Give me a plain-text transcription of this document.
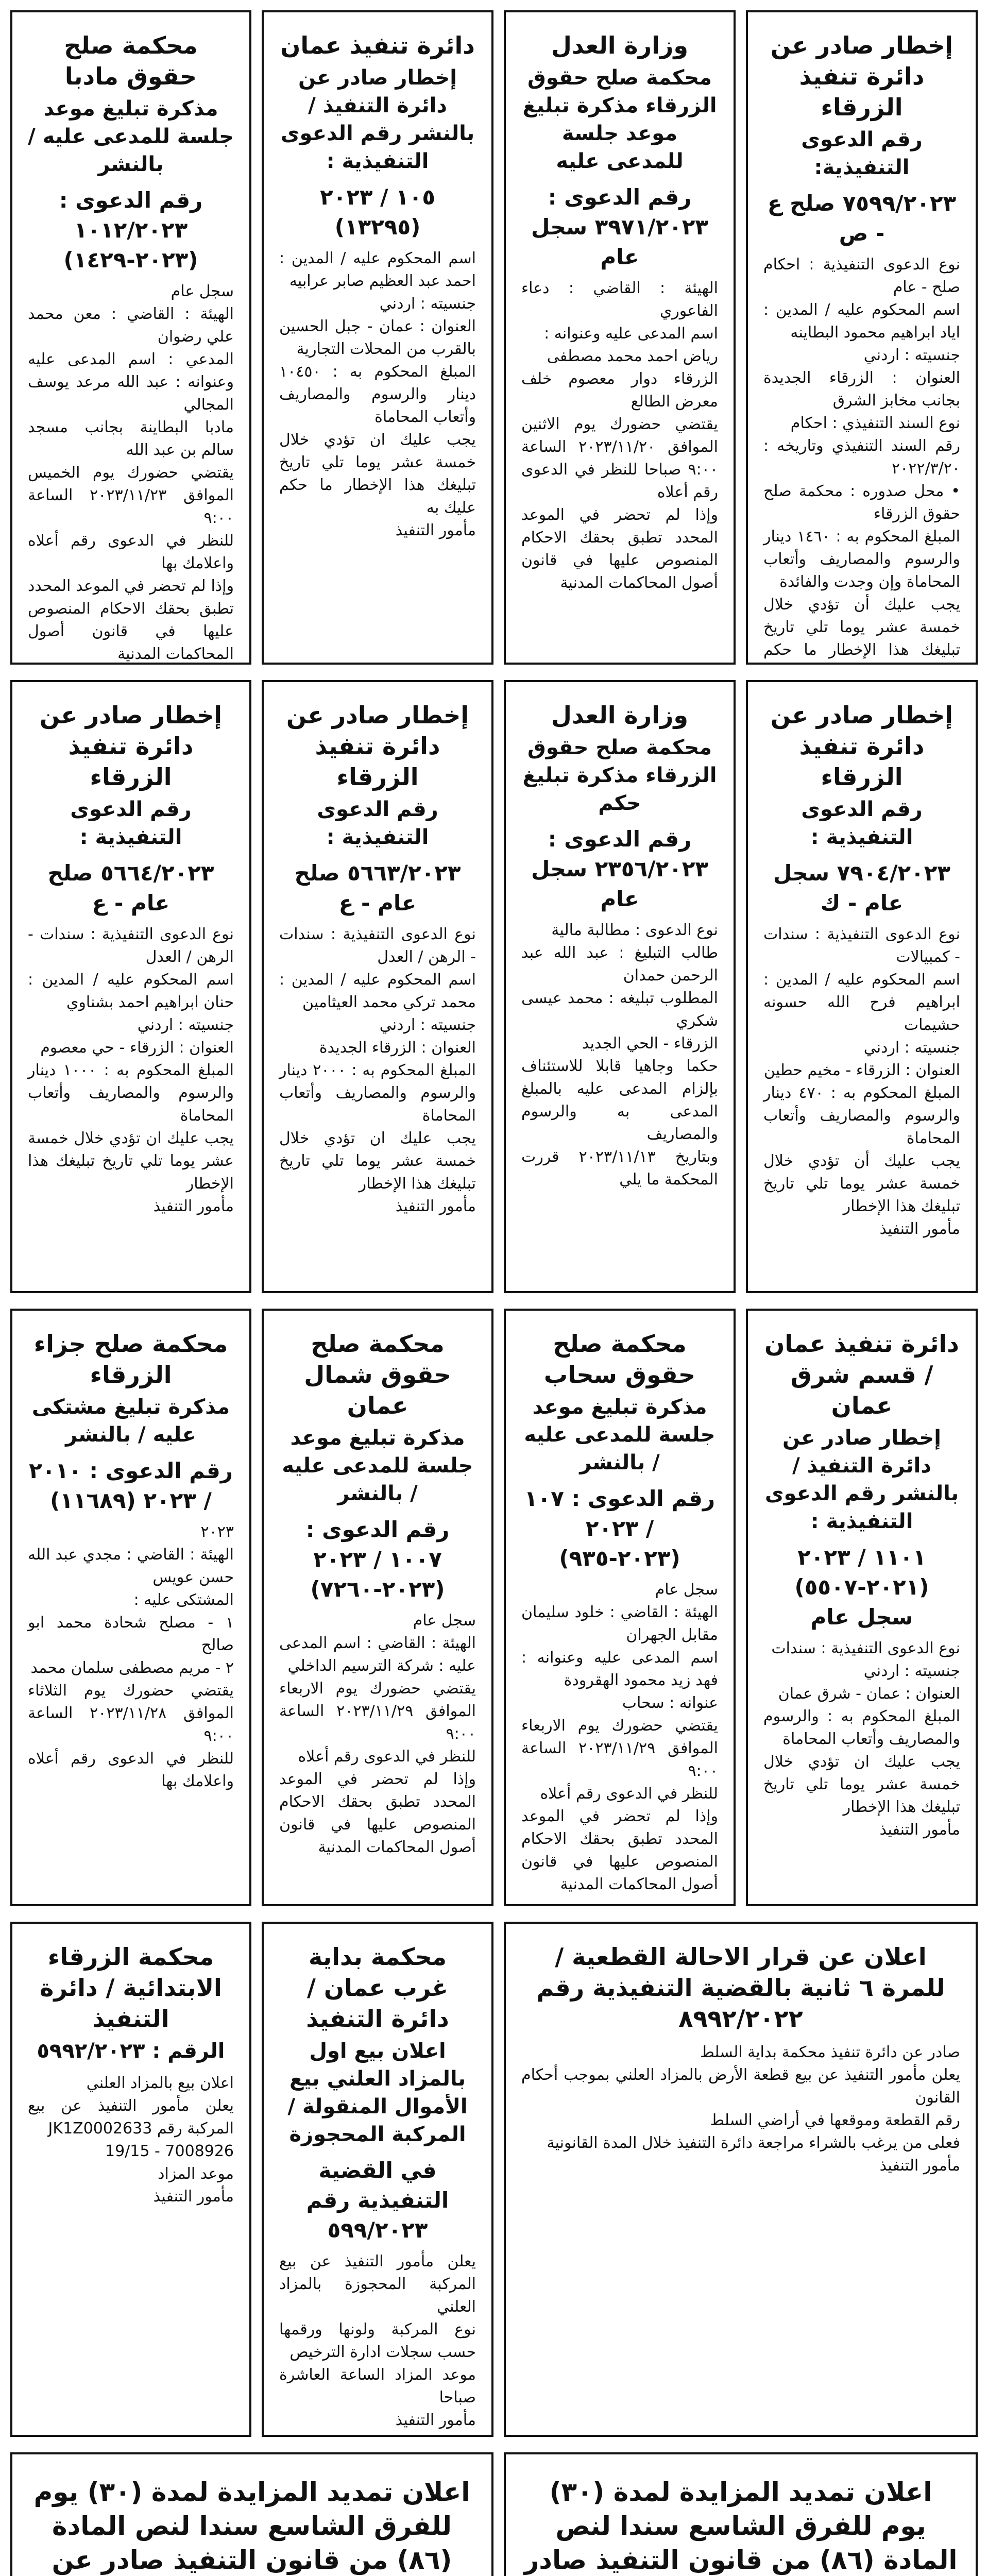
إخطار صادر عن دائرة تنفيذ الزرقاء
رقم الدعوى التنفيذية:
٧٥٩٩/٢٠٢٣ صلح ع - ص
نوع الدعوى التنفيذية : احكام صلح - عام
اسم المحكوم عليه / المدين : اياد ابراهيم محمود البطاينه
جنسيته : اردني
العنوان : الزرقاء الجديدة بجانب مخابز الشرق
نوع السند التنفيذي : احكام
رقم السند التنفيذي وتاريخه : ٢٠٢٢/٣/٢٠
• محل صدوره : محكمة صلح حقوق الزرقاء
المبلغ المحكوم به : ١٤٦٠ دينار والرسوم والمصاريف وأتعاب المحاماة وإن وجدت والفائدة
يجب عليك أن تؤدي خلال خمسة عشر يوما تلي تاريخ تبليغك هذا الإخطار ما حكم

وزارة العدل
محكمة صلح حقوق الزرقاء مذكرة تبليغ موعد جلسة للمدعى عليه
رقم الدعوى : ٣٩٧١/٢٠٢٣ سجل عام
الهيئة : القاضي : دعاء الفاعوري
اسم المدعى عليه وعنوانه :
رياض احمد محمد مصطفى
الزرقاء دوار معصوم خلف معرض الطالع
يقتضي حضورك يوم الاثنين الموافق ٢٠٢٣/١١/٢٠ الساعة ٩:٠٠ صباحا للنظر في الدعوى رقم أعلاه
وإذا لم تحضر في الموعد المحدد تطبق بحقك الاحكام المنصوص عليها في قانون أصول المحاكمات المدنية
دائرة تنفيذ عمان
إخطار صادر عن دائرة التنفيذ / بالنشر رقم الدعوى التنفيذية :
١٠٥ / ٢٠٢٣ (١٣٢٩٥)
اسم المحكوم عليه / المدين : احمد عبد العظيم صابر عرابيه
جنسيته : اردني
العنوان : عمان - جبل الحسين بالقرب من المحلات التجارية
المبلغ المحكوم به : ١٠٤٥٠ دينار والرسوم والمصاريف وأتعاب المحاماة
يجب عليك ان تؤدي خلال خمسة عشر يوما تلي تاريخ تبليغك هذا الإخطار ما حكم عليك به
مأمور التنفيذ
محكمة صلح حقوق مادبا
مذكرة تبليغ موعد جلسة للمدعى عليه / بالنشر
رقم الدعوى : ١٠١٢/٢٠٢٣ (٢٠٢٣-١٤٢٩)
سجل عام
الهيئة : القاضي : معن محمد علي رضوان
المدعي : اسم المدعى عليه وعنوانه : عبد الله مرعد يوسف المجالي
مادبا البطاينة بجانب مسجد سالم بن عبد الله
يقتضي حضورك يوم الخميس الموافق ٢٠٢٣/١١/٢٣ الساعة ٩:٠٠
للنظر في الدعوى رقم أعلاه واعلامك بها
وإذا لم تحضر في الموعد المحدد تطبق بحقك الاحكام المنصوص عليها في قانون أصول المحاكمات المدنية
إخطار صادر عن دائرة تنفيذ الزرقاء
رقم الدعوى التنفيذية :
٧٩٠٤/٢٠٢٣ سجل عام - ك
نوع الدعوى التنفيذية : سندات - كمبيالات
اسم المحكوم عليه / المدين : ابراهيم فرح الله حسونه حشيمات
جنسيته : اردني
العنوان : الزرقاء - مخيم حطين
المبلغ المحكوم به : ٤٧٠ دينار والرسوم والمصاريف وأتعاب المحاماة
يجب عليك أن تؤدي خلال خمسة عشر يوما تلي تاريخ تبليغك هذا الإخطار
مأمور التنفيذ
وزارة العدل
محكمة صلح حقوق الزرقاء مذكرة تبليغ حكم
رقم الدعوى : ٢٣٥٦/٢٠٢٣ سجل عام
نوع الدعوى : مطالبة مالية
طالب التبليغ : عبد الله عبد الرحمن حمدان
المطلوب تبليغه : محمد عيسى شكري
الزرقاء - الحي الجديد
حكما وجاهيا قابلا للاستئناف بإلزام المدعى عليه بالمبلغ المدعى به والرسوم والمصاريف
وبتاريخ ٢٠٢٣/١١/١٣ قررت المحكمة ما يلي
إخطار صادر عن دائرة تنفيذ الزرقاء
رقم الدعوى التنفيذية :
٥٦٦٣/٢٠٢٣ صلح عام - ع
نوع الدعوى التنفيذية : سندات - الرهن / العدل
اسم المحكوم عليه / المدين : محمد تركي محمد العيثامين
جنسيته : اردني
العنوان : الزرقاء الجديدة
المبلغ المحكوم به : ٢٠٠٠ دينار والرسوم والمصاريف وأتعاب المحاماة
يجب عليك ان تؤدي خلال خمسة عشر يوما تلي تاريخ تبليغك هذا الإخطار
مأمور التنفيذ
إخطار صادر عن دائرة تنفيذ الزرقاء
رقم الدعوى التنفيذية :
٥٦٦٤/٢٠٢٣ صلح عام - ع
نوع الدعوى التنفيذية : سندات - الرهن / العدل
اسم المحكوم عليه / المدين : حنان ابراهيم احمد بشناوي
جنسيته : اردني
العنوان : الزرقاء - حي معصوم
المبلغ المحكوم به : ١٠٠٠ دينار والرسوم والمصاريف وأتعاب المحاماة
يجب عليك ان تؤدي خلال خمسة عشر يوما تلي تاريخ تبليغك هذا الإخطار
مأمور التنفيذ
دائرة تنفيذ عمان / قسم شرق عمان
إخطار صادر عن دائرة التنفيذ / بالنشر رقم الدعوى التنفيذية :
١١٠١ / ٢٠٢٣ (٢٠٢١-٥٥٠٧) سجل عام
نوع الدعوى التنفيذية : سندات
جنسيته : اردني
العنوان : عمان - شرق عمان
المبلغ المحكوم به : والرسوم والمصاريف وأتعاب المحاماة
يجب عليك ان تؤدي خلال خمسة عشر يوما تلي تاريخ تبليغك هذا الإخطار
مأمور التنفيذ
محكمة صلح حقوق سحاب
مذكرة تبليغ موعد جلسة للمدعى عليه / بالنشر
رقم الدعوى : ١٠٧ / ٢٠٢٣ (٢٠٢٣-٩٣٥)
سجل عام
الهيئة : القاضي : خلود سليمان مقابل الجهران
اسم المدعى عليه وعنوانه : فهد زيد محمود الهقرودة
عنوانه : سحاب
يقتضي حضورك يوم الاربعاء الموافق ٢٠٢٣/١١/٢٩ الساعة ٩:٠٠
للنظر في الدعوى رقم أعلاه
وإذا لم تحضر في الموعد المحدد تطبق بحقك الاحكام المنصوص عليها في قانون أصول المحاكمات المدنية
محكمة صلح حقوق شمال عمان
مذكرة تبليغ موعد جلسة للمدعى عليه / بالنشر
رقم الدعوى : ١٠٠٧ / ٢٠٢٣ (٢٠٢٣-٧٢٦٠)
سجل عام
الهيئة : القاضي : اسم المدعى عليه : شركة الترسيم الداخلي
يقتضي حضورك يوم الاربعاء الموافق ٢٠٢٣/١١/٢٩ الساعة ٩:٠٠
للنظر في الدعوى رقم أعلاه
وإذا لم تحضر في الموعد المحدد تطبق بحقك الاحكام المنصوص عليها في قانون أصول المحاكمات المدنية
محكمة صلح جزاء الزرقاء
مذكرة تبليغ مشتكى عليه / بالنشر
رقم الدعوى : ٢٠١٠ / ٢٠٢٣ (١١٦٨٩)
٢٠٢٣
الهيئة : القاضي : مجدي عبد الله حسن عويس
المشتكى عليه :
١ - مصلح شحادة محمد ابو صالح
٢ - مريم مصطفى سلمان محمد
يقتضي حضورك يوم الثلاثاء الموافق ٢٠٢٣/١١/٢٨ الساعة ٩:٠٠
للنظر في الدعوى رقم أعلاه واعلامك بها
اعلان عن قرار الاحالة القطعية / للمرة ٦ ثانية بالقضية التنفيذية رقم ٨٩٩٢/٢٠٢٢
صادر عن دائرة تنفيذ محكمة بداية السلط
يعلن مأمور التنفيذ عن بيع قطعة الأرض بالمزاد العلني بموجب أحكام القانون
رقم القطعة وموقعها في أراضي السلط
فعلى من يرغب بالشراء مراجعة دائرة التنفيذ خلال المدة القانونية
مأمور التنفيذ
محكمة بداية غرب عمان / دائرة التنفيذ
اعلان بيع اول بالمزاد العلني بيع الأموال المنقولة / المركبة المحجوزة
في القضية التنفيذية رقم ٥٩٩/٢٠٢٣
يعلن مأمور التنفيذ عن بيع المركبة المحجوزة بالمزاد العلني
نوع المركبة ولونها ورقمها حسب سجلات ادارة الترخيص
موعد المزاد الساعة العاشرة صباحا
مأمور التنفيذ
محكمة الزرقاء الابتدائية / دائرة التنفيذ
الرقم : ٥٩٩٢/٢٠٢٣
اعلان بيع بالمزاد العلني
يعلن مأمور التنفيذ عن بيع المركبة رقم JK1Z0002633
7008926 - 19/15
موعد المزاد
مأمور التنفيذ
اعلان تمديد المزايدة لمدة (٣٠) يوم للفرق الشاسع سندا لنص المادة (٨٦) من قانون التنفيذ صادر
اعلان تمديد المزايدة لمدة (٣٠) يوم للفرق الشاسع سندا لنص المادة (٨٦) من قانون التنفيذ صادر عن
